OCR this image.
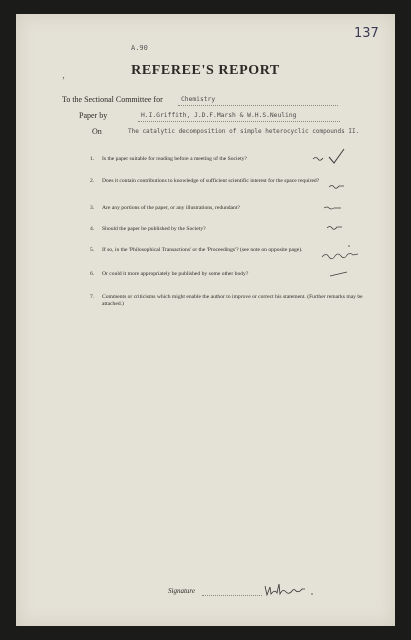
137
A.90
‚	REFEREE'S REPORT
To the Sectional Committee for	Chemistry
Paper by	H.I.Griffith, J.D.F.Marsh & W.H.S.Neuling
On	The catalytic decomposition of simple heterocyclic compounds II.
1. Is the paper suitable for reading before a meeting of the Society?
2. Does it contain contributions to knowledge of sufficient scientific interest for the space required?
3. Are any portions of the paper, or any illustrations, redundant?
4. Should the paper be published by the Society?
5. If so, in the 'Philosophical Transactions' or the 'Proceedings'? (see note on opposite page).
6. Or could it more appropriately be published by some other body?
7. Comments or criticisms which might enable the author to improve or correct his statement. (Further remarks may be attached.)
Signature
